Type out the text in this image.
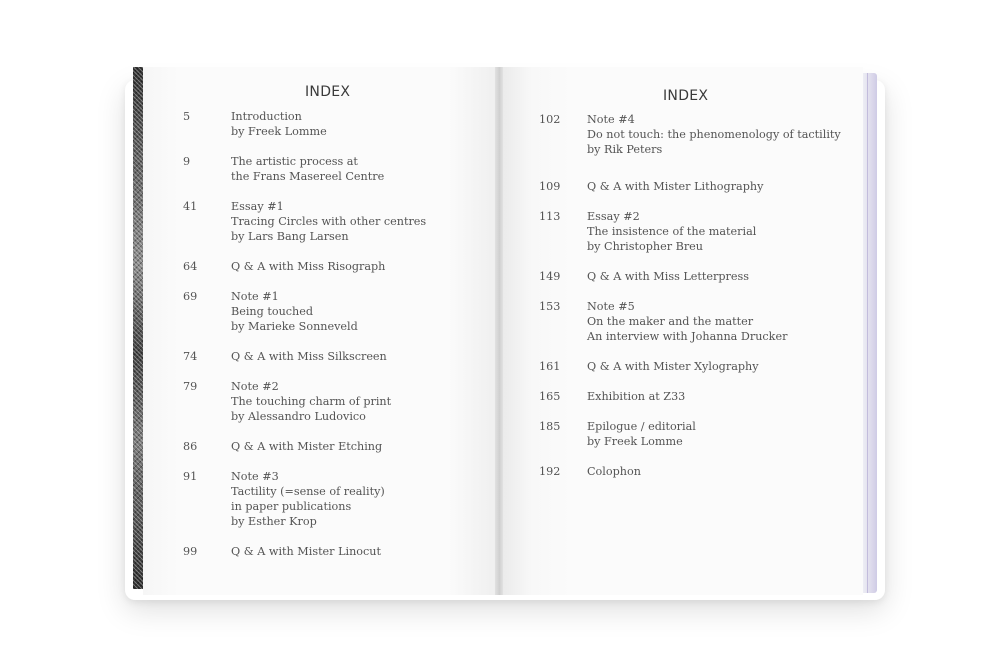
INDEX
5	Introduction
by Freek Lomme
9	The artistic process at
the Frans Masereel Centre
41	Essay #1
Tracing Circles with other centres
by Lars Bang Larsen
64	Q & A with Miss Risograph
69	Note #1
Being touched
by Marieke Sonneveld
74	Q & A with Miss Silkscreen
79	Note #2
The touching charm of print
by Alessandro Ludovico
86	Q & A with Mister Etching
91	Note #3
Tactility (=sense of reality)
in paper publications
by Esther Krop
99	Q & A with Mister Linocut
INDEX
102	Note #4
Do not touch: the phenomenology of tactility
by Rik Peters
109	Q & A with Mister Lithography
113	Essay #2
The insistence of the material
by Christopher Breu
149	Q & A with Miss Letterpress
153	Note #5
On the maker and the matter
An interview with Johanna Drucker
161	Q & A with Mister Xylography
165	Exhibition at Z33
185	Epilogue / editorial
by Freek Lomme
192	Colophon
